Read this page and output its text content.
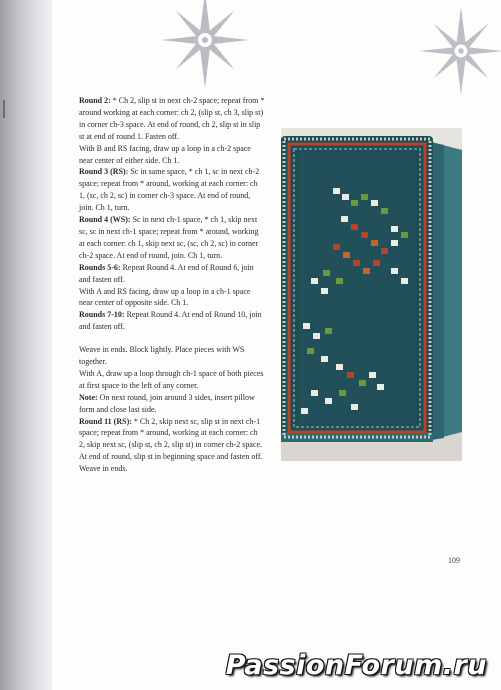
Round 2: * Ch 2, slip st in next ch-2 space; repeat from * around working at each corner: ch 2, (slip st, ch 3, slip st) in corner ch-3 space. At end of round, ch 2, slip st in slip st at end of round 1. Fasten off.

With B and RS facing, draw up a loop in a ch-2 space near center of either side. Ch 1.

Round 3 (RS): Sc in same space, * ch 1, sc in next ch-2 space; repeat from * around, working at each corner: ch 1, (sc, ch 2, sc) in corner ch-3 space. At end of round, join. Ch 1, turn.

Round 4 (WS): Sc in next ch-1 space, * ch 1, skip next sc, sc in next ch-1 space; repeat from * around, working at each corner: ch 1, skip next sc, (sc, ch 2, sc) in corner ch-2 space. At end of round, join. Ch 1, turn.

Rounds 5-6: Repeat Round 4. At end of Round 6, join and fasten off.

With A and RS facing, draw up a loop in a ch-1 space near center of opposite side. Ch 1.

Rounds 7-10: Repeat Round 4. At end of Round 10, join and fasten off.

Weave in ends. Block lightly. Place pieces with WS together.

With A, draw up a loop through ch-1 space of both pieces at first space to the left of any corner.

Note: On next round, join around 3 sides, insert pillow form and close last side.

Round 11 (RS): * Ch 2, skip next sc, slip st in next ch-1 space; repeat from * around, working at each corner: ch 2, skip next sc, (slip st, ch 2, slip st) in corner ch-2 space. At end of round, slip st in beginning space and fasten off. Weave in ends.

109
PassionForum.ru
